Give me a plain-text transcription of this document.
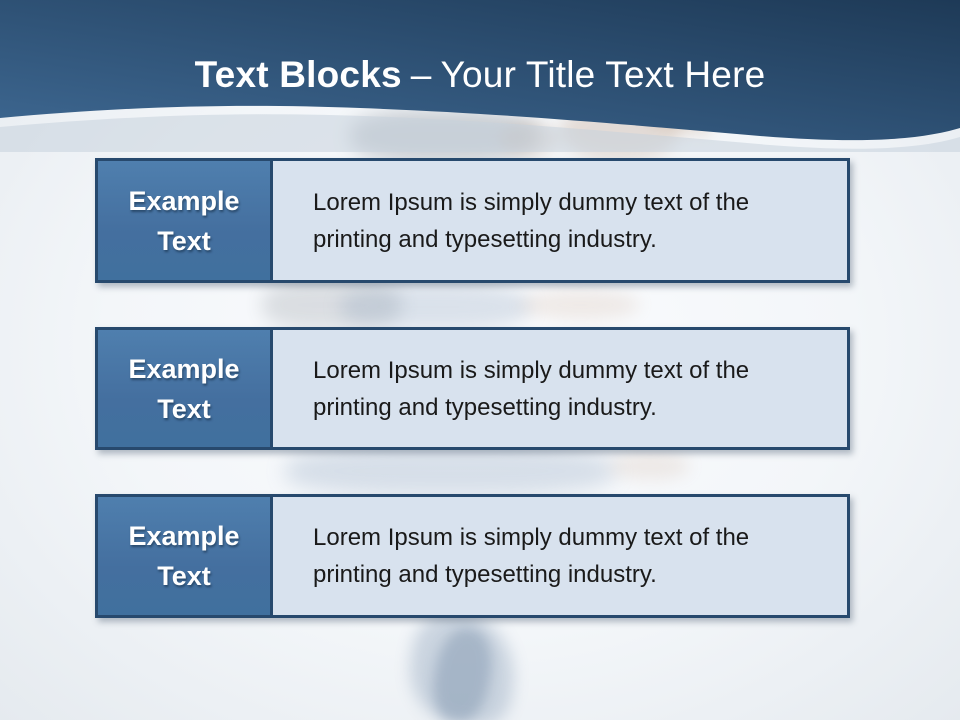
Text Blocks – Your Title Text Here
Example Text

Lorem Ipsum is simply dummy text of the printing and typesetting industry.

Example Text

Lorem Ipsum is simply dummy text of the printing and typesetting industry.

Example Text

Lorem Ipsum is simply dummy text of the printing and typesetting industry.
